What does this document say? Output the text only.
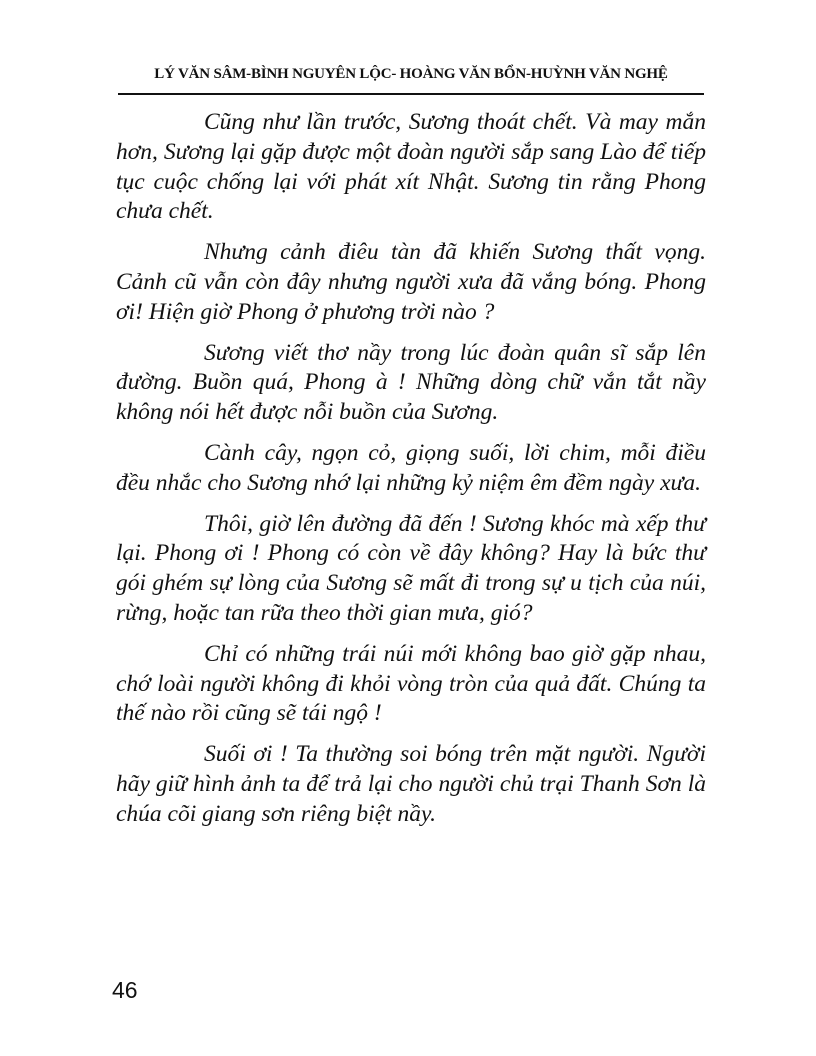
LÝ VĂN SÂM-BÌNH NGUYÊN LỘC- HOÀNG VĂN BỔN-HUỲNH VĂN NGHỆ

Cũng như lần trước, Sương thoát chết. Và may mắn hơn, Sương lại gặp được một đoàn người sắp sang Lào để tiếp tục cuộc chống lại với phát xít Nhật. Sương tin rằng Phong chưa chết.

Nhưng cảnh điêu tàn đã khiến Sương thất vọng. Cảnh cũ vẫn còn đây nhưng người xưa đã vắng bóng. Phong ơi! Hiện giờ Phong ở phương trời nào ?

Sương viết thơ nầy trong lúc đoàn quân sĩ sắp lên đường. Buồn quá, Phong à ! Những dòng chữ vắn tắt nầy không nói hết được nỗi buồn của Sương.

Cành cây, ngọn cỏ, giọng suối, lời chim, mỗi điều đều nhắc cho Sương nhớ lại những kỷ niệm êm đềm ngày xưa.

Thôi, giờ lên đường đã đến ! Sương khóc mà xếp thư lại. Phong ơi ! Phong có còn về đây không? Hay là bức thư gói ghém sự lòng của Sương sẽ mất đi trong sự u tịch của núi, rừng, hoặc tan rữa theo thời gian mưa, gió?

Chỉ có những trái núi mới không bao giờ gặp nhau, chớ loài người không đi khỏi vòng tròn của quả đất. Chúng ta thế nào rồi cũng sẽ tái ngộ !

Suối ơi ! Ta thường soi bóng trên mặt người. Người hãy giữ hình ảnh ta để trả lại cho người chủ trại Thanh Sơn là chúa cõi giang sơn riêng biệt nầy.

46
